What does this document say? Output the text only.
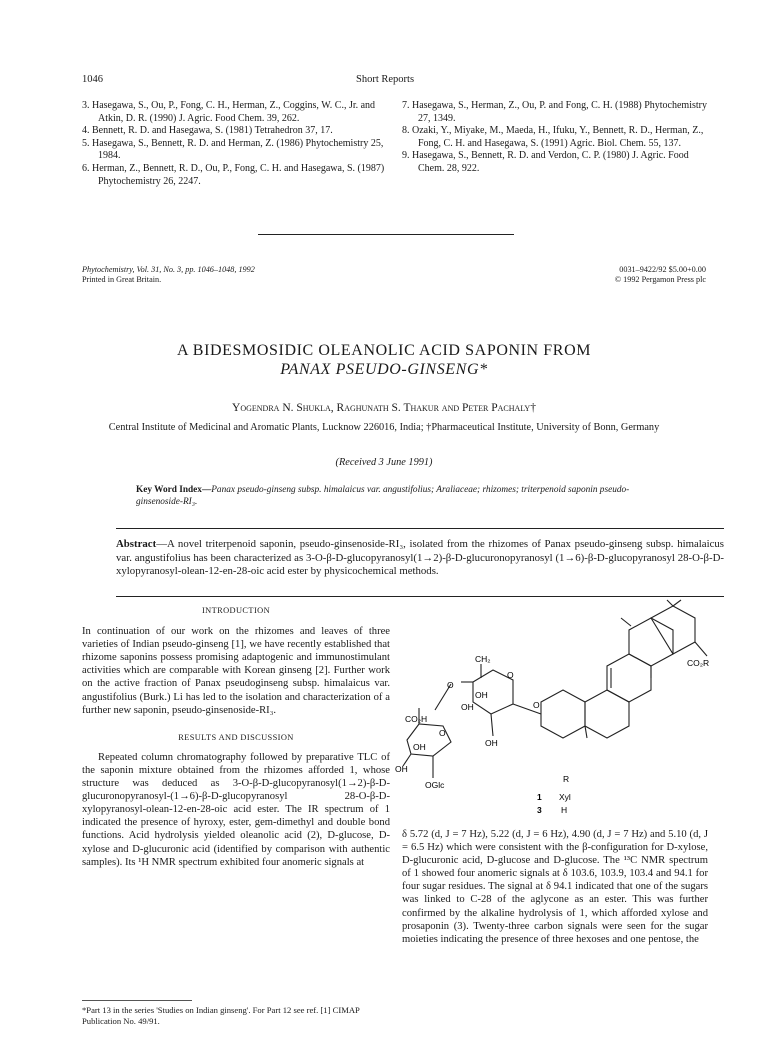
1046	Short Reports

3. Hasegawa, S., Ou, P., Fong, C. H., Herman, Z., Coggins, W. C., Jr. and Atkin, D. R. (1990) J. Agric. Food Chem. 39, 262.

4. Bennett, R. D. and Hasegawa, S. (1981) Tetrahedron 37, 17.

5. Hasegawa, S., Bennett, R. D. and Herman, Z. (1986) Phytochemistry 25, 1984.

6. Herman, Z., Bennett, R. D., Ou, P., Fong, C. H. and Hasegawa, S. (1987) Phytochemistry 26, 2247.

7. Hasegawa, S., Herman, Z., Ou, P. and Fong, C. H. (1988) Phytochemistry 27, 1349.

8. Ozaki, Y., Miyake, M., Maeda, H., Ifuku, Y., Bennett, R. D., Herman, Z., Fong, C. H. and Hasegawa, S. (1991) Agric. Biol. Chem. 55, 137.

9. Hasegawa, S., Bennett, R. D. and Verdon, C. P. (1980) J. Agric. Food Chem. 28, 922.

Phytochemistry, Vol. 31, No. 3, pp. 1046–1048, 1992
Printed in Great Britain.
0031–9422/92 $5.00+0.00
© 1992 Pergamon Press plc
A BIDESMOSIDIC OLEANOLIC ACID SAPONIN FROM
PANAX PSEUDO-GINSENG*
Yogendra N. Shukla, Raghunath S. Thakur and Peter Pachaly†
Central Institute of Medicinal and Aromatic Plants, Lucknow 226016, India; †Pharmaceutical Institute, University of Bonn, Germany
(Received 3 June 1991)
Key Word Index—Panax pseudo-ginseng subsp. himalaicus var. angustifolius; Araliaceae; rhizomes; triterpenoid saponin pseudo-ginsenoside-RI₃.
Abstract—A novel triterpenoid saponin, pseudo-ginsenoside-RI₃, isolated from the rhizomes of Panax pseudo-ginseng subsp. himalaicus var. angustifolius has been characterized as 3-O-β-D-glucopyranosyl(1→2)-β-D-glucuronopyranosyl (1→6)-β-D-glucopyranosyl 28-O-β-D-xylopyranosyl-olean-12-en-28-oic acid ester by physicochemical methods.
INTRODUCTION

In continuation of our work on the rhizomes and leaves of three varieties of Indian pseudo-ginseng [1], we have recently established that rhizome saponins possess promising adaptogenic and immunostimulant activities which are comparable with Korean ginseng [2]. Further work on the active fraction of Panax pseudoginseng subsp. himalaicus var. angustifolius (Burk.) Li has led to the isolation and characterization of a further new saponin, pseudo-ginsenoside-RI₃.

RESULTS AND DISCUSSION

Repeated column chromatography followed by preparative TLC of the saponin mixture obtained from the rhizomes afforded 1, whose structure was deduced as 3-O-β-D-glucopyranosyl(1→2)-β-D-glucuronopyranosyl-(1→6)-β-D-glucopyranosyl 28-O-β-D-xylopyranosyl-olean-12-en-28-oic acid ester. The IR spectrum of 1 indicated the presence of hyroxy, ester, gem-dimethyl and double bond functions. Acid hydrolysis yielded oleanolic acid (2), D-glucose, D-xylose and D-glucuronic acid (identified by comparison with authentic samples). Its ¹H NMR spectrum exhibited four anomeric signals at

*Part 13 in the series 'Studies on Indian ginseng'. For Part 12 see ref. [1] CIMAP Publication No. 49/91.
CO₂R
CH₂
O
O
OH
OH
OH
O
CO₂H
O
OH
OH
OGlc
R
1 Xyl
3 H

δ 5.72 (d, J = 7 Hz), 5.22 (d, J = 6 Hz), 4.90 (d, J = 7 Hz) and 5.10 (d, J = 6.5 Hz) which were consistent with the β-configuration for D-xylose, D-glucuronic acid, D-glucose and D-glucose. The ¹³C NMR spectrum of 1 showed four anomeric signals at δ 103.6, 103.9, 103.4 and 94.1 for four sugar residues. The signal at δ 94.1 indicated that one of the sugars was linked to C-28 of the aglycone as an ester. This was further confirmed by the alkaline hydrolysis of 1, which afforded xylose and prosaponin (3). Twenty-three carbon signals were seen for the sugar moieties indicating the presence of three hexoses and one pentose, the
